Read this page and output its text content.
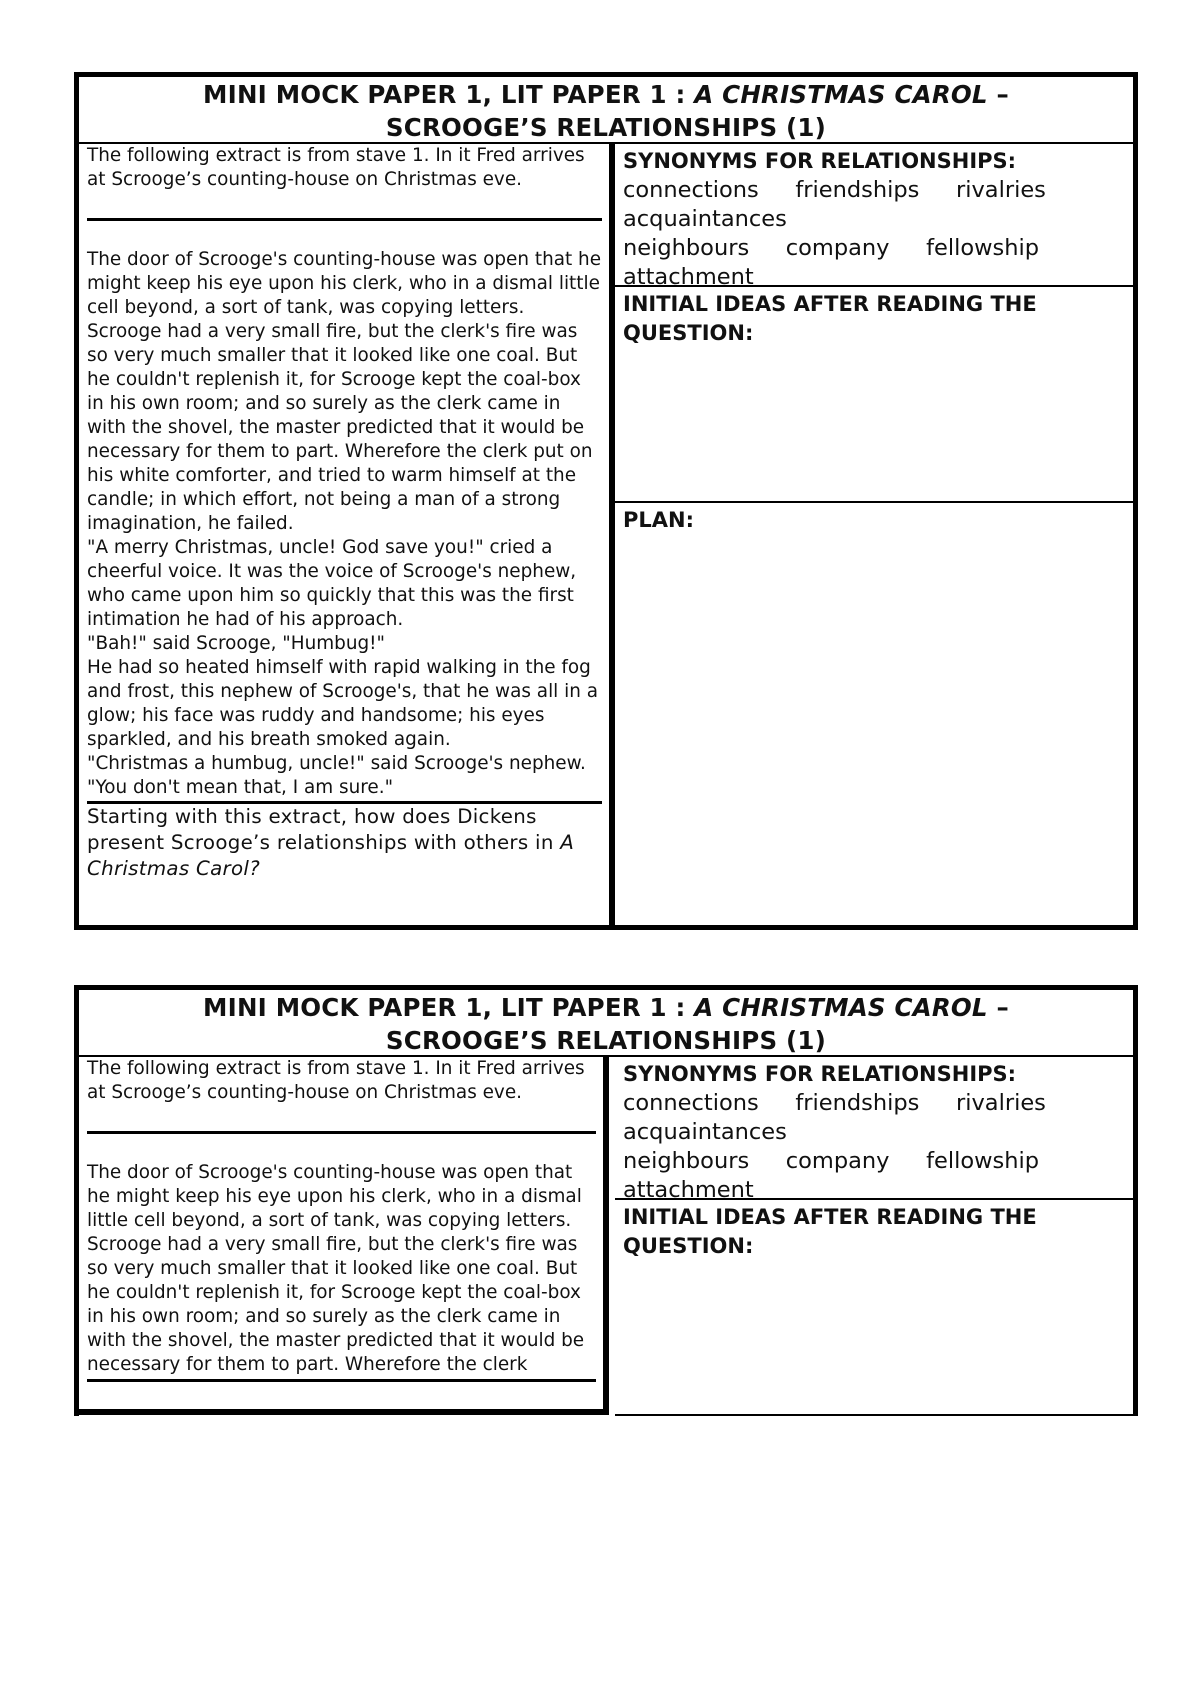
MINI MOCK PAPER 1, LIT PAPER 1 : A CHRISTMAS CAROL –
SCROOGE’S RELATIONSHIPS (1)

The following extract is from stave 1. In it Fred arrives at Scrooge’s counting-house on Christmas eve.

The door of Scrooge's counting-house was open that he might keep his eye upon his clerk, who in a dismal little cell beyond, a sort of tank, was copying letters. Scrooge had a very small fire, but the clerk's fire was so very much smaller that it looked like one coal. But he couldn't replenish it, for Scrooge kept the coal-box in his own room; and so surely as the clerk came in with the shovel, the master predicted that it would be necessary for them to part. Wherefore the clerk put on his white comforter, and tried to warm himself at the candle; in which effort, not being a man of a strong imagination, he failed.

"A merry Christmas, uncle! God save you!" cried a cheerful voice. It was the voice of Scrooge's nephew, who came upon him so quickly that this was the first intimation he had of his approach.

"Bah!" said Scrooge, "Humbug!"

He had so heated himself with rapid walking in the fog and frost, this nephew of Scrooge's, that he was all in a glow; his face was ruddy and handsome; his eyes sparkled, and his breath smoked again.

"Christmas a humbug, uncle!" said Scrooge's nephew. "You don't mean that, I am sure."

Starting with this extract, how does Dickens present Scrooge’s relationships with others in A Christmas Carol?

SYNONYMS FOR RELATIONSHIPS:

connections friendships rivalries acquaintances
neighbours company fellowship attachment

INITIAL IDEAS AFTER READING THE QUESTION:

PLAN:

MINI MOCK PAPER 1, LIT PAPER 1 : A CHRISTMAS CAROL –
SCROOGE’S RELATIONSHIPS (1)

The following extract is from stave 1. In it Fred arrives at Scrooge’s counting-house on Christmas eve.

The door of Scrooge's counting-house was open that he might keep his eye upon his clerk, who in a dismal little cell beyond, a sort of tank, was copying letters. Scrooge had a very small fire, but the clerk's fire was so very much smaller that it looked like one coal. But he couldn't replenish it, for Scrooge kept the coal-box in his own room; and so surely as the clerk came in with the shovel, the master predicted that it would be necessary for them to part. Wherefore the clerk

SYNONYMS FOR RELATIONSHIPS:

connections friendships rivalries acquaintances
neighbours company fellowship attachment

INITIAL IDEAS AFTER READING THE QUESTION:
